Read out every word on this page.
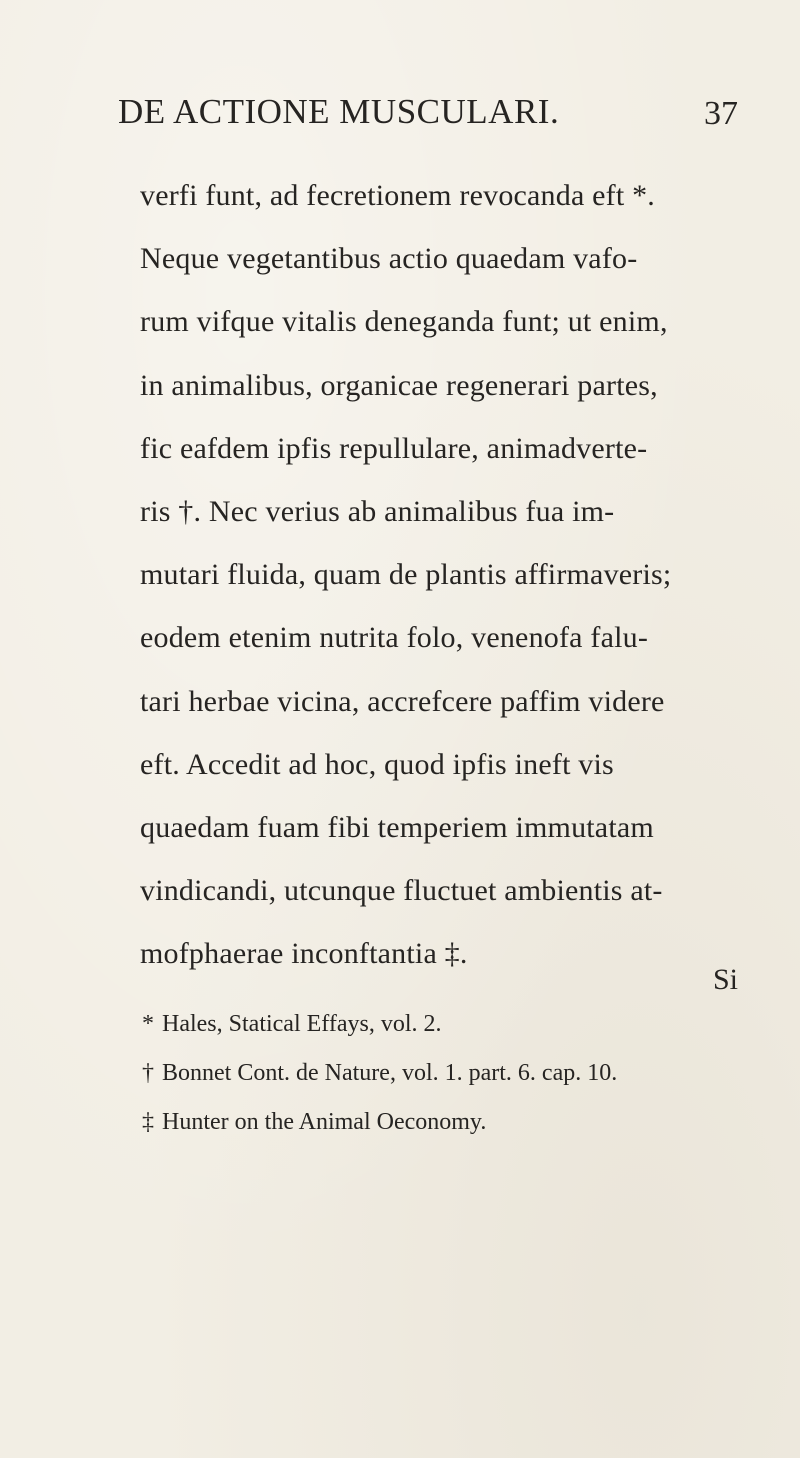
DE ACTIONE MUSCULARI.	37
verfi funt, ad fecretionem revocanda eft *.
Neque vegetantibus actio quaedam vafo-
rum vifque vitalis deneganda funt; ut enim,
in animalibus, organicae regenerari partes,
fic eafdem ipfis repullulare, animadverte-
ris †. Nec verius ab animalibus fua im-
mutari fluida, quam de plantis affirmaveris;
eodem etenim nutrita folo, venenofa falu-
tari herbae vicina, accrefcere paffim videre
eft. Accedit ad hoc, quod ipfis ineft vis
quaedam fuam fibi temperiem immutatam
vindicandi, utcunque fluctuet ambientis at-
mofphaerae inconftantia ‡.
Si
* Hales, Statical Effays, vol. 2.
† Bonnet Cont. de Nature, vol. 1. part. 6. cap. 10.
‡ Hunter on the Animal Oeconomy.
